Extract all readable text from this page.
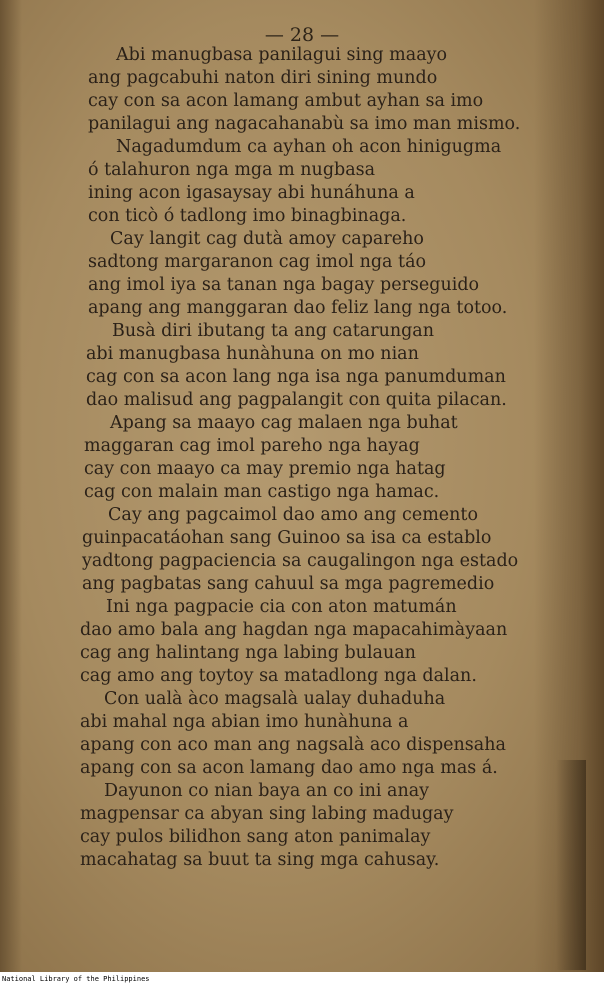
— 28 —
Abi manugbasa panilagui sing maayo
ang pagcabuhi naton diri sining mundo
cay con sa acon lamang ambut ayhan sa imo
panilagui ang nagacahanabù sa imo man mismo.
Nagadumdum ca ayhan oh acon hinigugma
ó talahuron nga mga m nugbasa
ining acon igasaysay abi hunáhuna a
con ticò ó tadlong imo binagbinaga.
Cay langit cag dutà amoy capareho
sadtong margaranon cag imol nga táo
ang imol iya sa tanan nga bagay perseguido
apang ang manggaran dao feliz lang nga totoo.
Busà diri ibutang ta ang catarungan
abi manugbasa hunàhuna on mo nian
cag con sa acon lang nga isa nga panumduman
dao malisud ang pagpalangit con quita pilacan.
Apang sa maayo cag malaen nga buhat
maggaran cag imol pareho nga hayag
cay con maayo ca may premio nga hatag
cag con malain man castigo nga hamac.
Cay ang pagcaimol dao amo ang cemento
guinpacatáohan sang Guinoo sa isa ca establo
yadtong pagpaciencia sa caugalingon nga estado
ang pagbatas sang cahuul sa mga pagremedio
Ini nga pagpacie cia con aton matumán
dao amo bala ang hagdan nga mapacahimàyaan
cag ang halintang nga labing bulauan
cag amo ang toytoy sa matadlong nga dalan.
Con ualà àco magsalà ualay duhaduha
abi mahal nga abian imo hunàhuna a
apang con aco man ang nagsalà aco dispensaha
apang con sa acon lamang dao amo nga mas á.
Dayunon co nian baya an co ini anay
magpensar ca abyan sing labing madugay
cay pulos bilidhon sang aton panimalay
macahatag sa buut ta sing mga cahusay.
National Library of the Philippines
